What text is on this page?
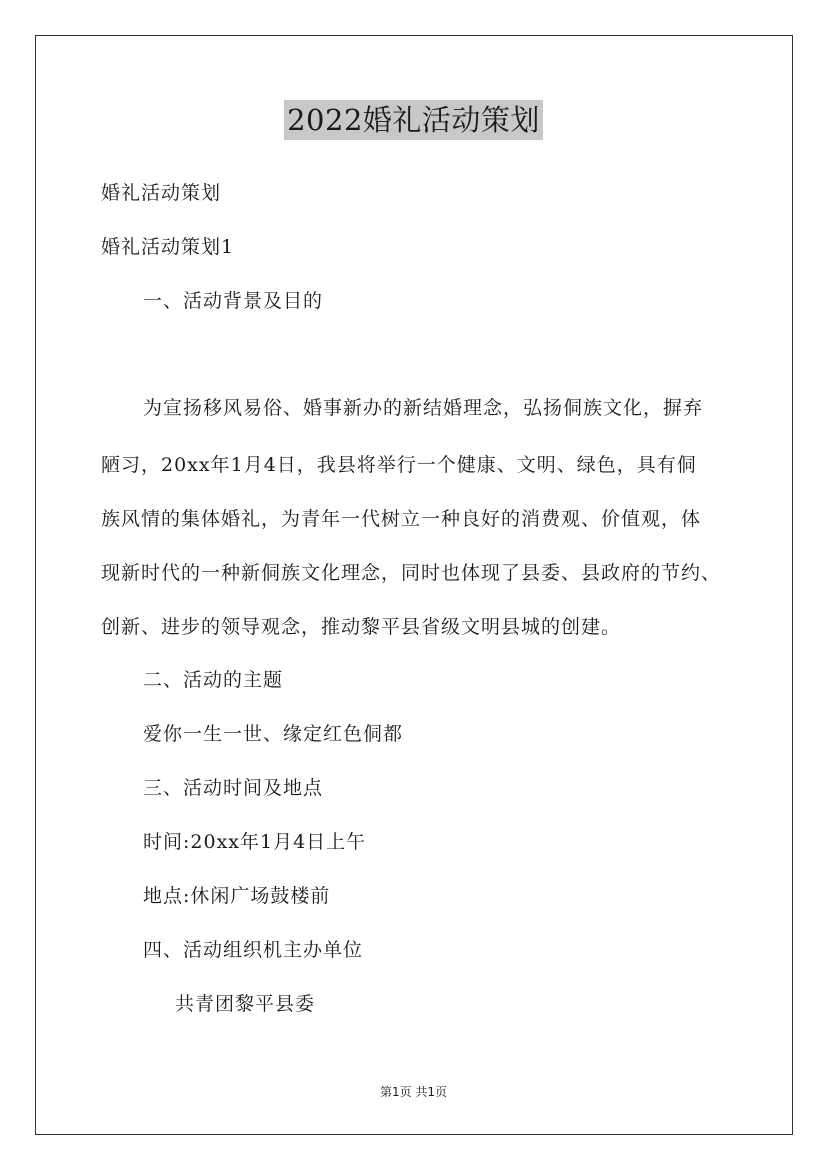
2022婚礼活动策划
婚礼活动策划
婚礼活动策划1
一、活动背景及目的
为宣扬移风易俗、婚事新办的新结婚理念，弘扬侗族文化，摒弃
陋习，20xx年1月4日，我县将举行一个健康、文明、绿色，具有侗
族风情的集体婚礼，为青年一代树立一种良好的消费观、价值观，体
现新时代的一种新侗族文化理念，同时也体现了县委、县政府的节约、
创新、进步的领导观念，推动黎平县省级文明县城的创建。
二、活动的主题
爱你一生一世、缘定红色侗都
三、活动时间及地点
时间:20xx年1月4日上午
地点:休闲广场鼓楼前
四、活动组织机主办单位
共青团黎平县委
第1页 共1页
